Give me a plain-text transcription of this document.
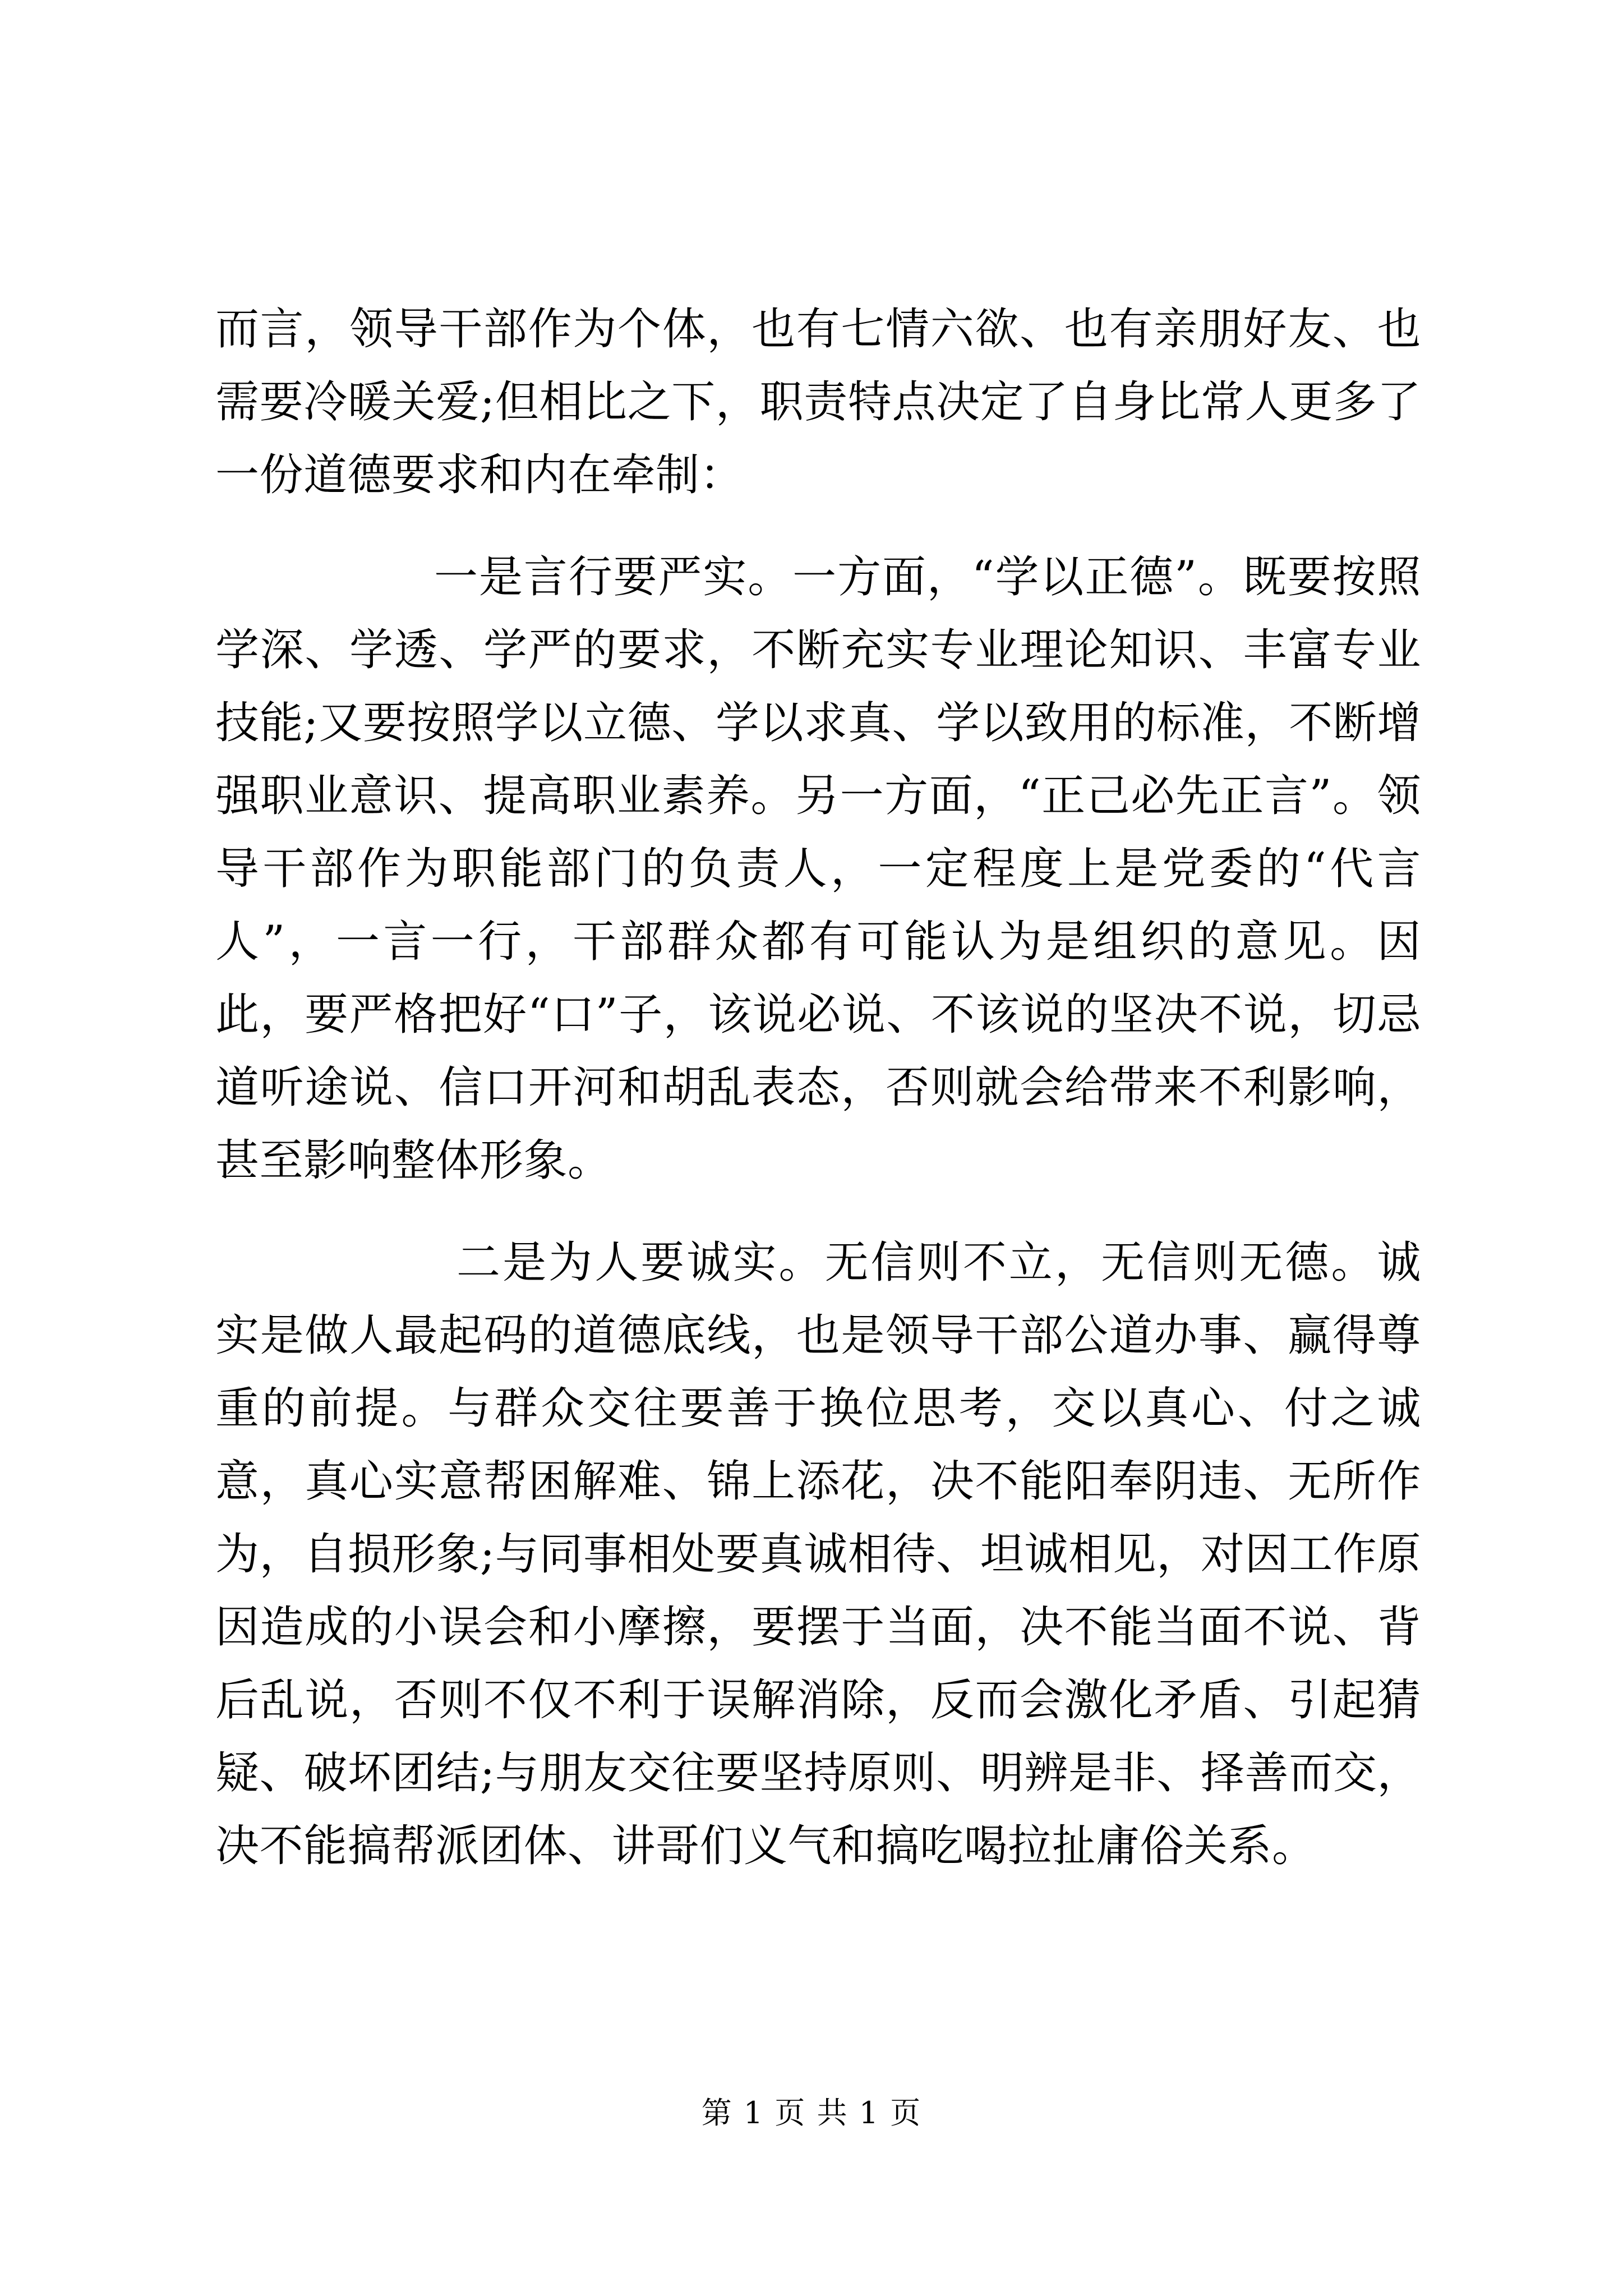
而言，领导干部作为个体，也有七情六欲、也有亲朋好友、也需要冷暖关爱;但相比之下，职责特点决定了自身比常人更多了一份道德要求和内在牵制：

一是言行要严实。一方面，“学以正德”。既要按照学深、学透、学严的要求，不断充实专业理论知识、丰富专业技能;又要按照学以立德、学以求真、学以致用的标准，不断增强职业意识、提高职业素养。另一方面，“正己必先正言”。领导干部作为职能部门的负责人，一定程度上是党委的“代言人”，一言一行，干部群众都有可能认为是组织的意见。因此，要严格把好“口”子，该说必说、不该说的坚决不说，切忌道听途说、信口开河和胡乱表态，否则就会给带来不利影响，甚至影响整体形象。

二是为人要诚实。无信则不立，无信则无德。诚实是做人最起码的道德底线，也是领导干部公道办事、赢得尊重的前提。与群众交往要善于换位思考，交以真心、付之诚意，真心实意帮困解难、锦上添花，决不能阳奉阴违、无所作为，自损形象;与同事相处要真诚相待、坦诚相见，对因工作原因造成的小误会和小摩擦，要摆于当面，决不能当面不说、背后乱说，否则不仅不利于误解消除，反而会激化矛盾、引起猜疑、破坏团结;与朋友交往要坚持原则、明辨是非、择善而交，决不能搞帮派团体、讲哥们义气和搞吃喝拉扯庸俗关系。

第 1 页 共 1 页
